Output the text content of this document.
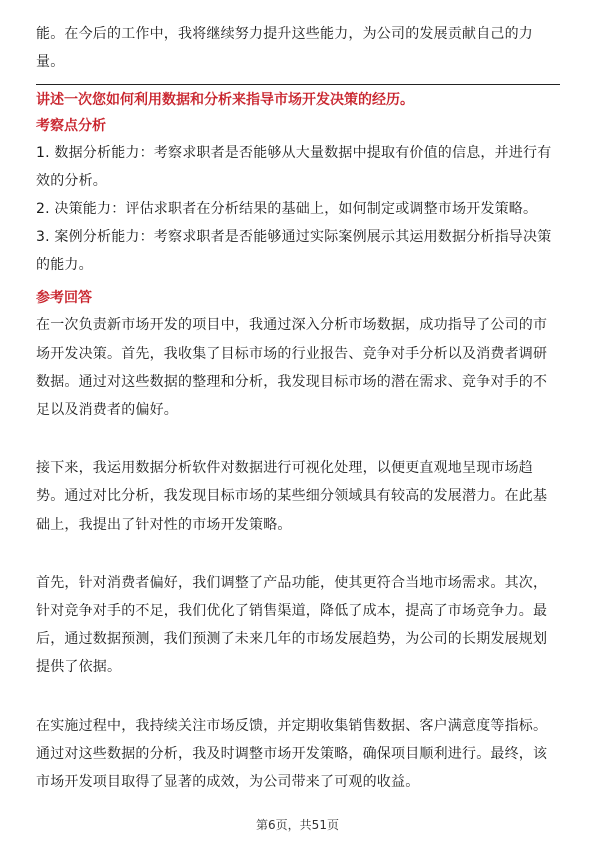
能。在今后的工作中，我将继续努力提升这些能力，为公司的发展贡献自己的力量。

讲述一次您如何利用数据和分析来指导市场开发决策的经历。
考察点分析

1. 数据分析能力：考察求职者是否能够从大量数据中提取有价值的信息，并进行有效的分析。

2. 决策能力：评估求职者在分析结果的基础上，如何制定或调整市场开发策略。

3. 案例分析能力：考察求职者是否能够通过实际案例展示其运用数据分析指导决策的能力。

参考回答

在一次负责新市场开发的项目中，我通过深入分析市场数据，成功指导了公司的市场开发决策。首先，我收集了目标市场的行业报告、竞争对手分析以及消费者调研数据。通过对这些数据的整理和分析，我发现目标市场的潜在需求、竞争对手的不足以及消费者的偏好。

接下来，我运用数据分析软件对数据进行可视化处理，以便更直观地呈现市场趋势。通过对比分析，我发现目标市场的某些细分领域具有较高的发展潜力。在此基础上，我提出了针对性的市场开发策略。

首先，针对消费者偏好，我们调整了产品功能，使其更符合当地市场需求。其次，针对竞争对手的不足，我们优化了销售渠道，降低了成本，提高了市场竞争力。最后，通过数据预测，我们预测了未来几年的市场发展趋势，为公司的长期发展规划提供了依据。

在实施过程中，我持续关注市场反馈，并定期收集销售数据、客户满意度等指标。通过对这些数据的分析，我及时调整市场开发策略，确保项目顺利进行。最终，该市场开发项目取得了显著的成效，为公司带来了可观的收益。

第6页，共51页
